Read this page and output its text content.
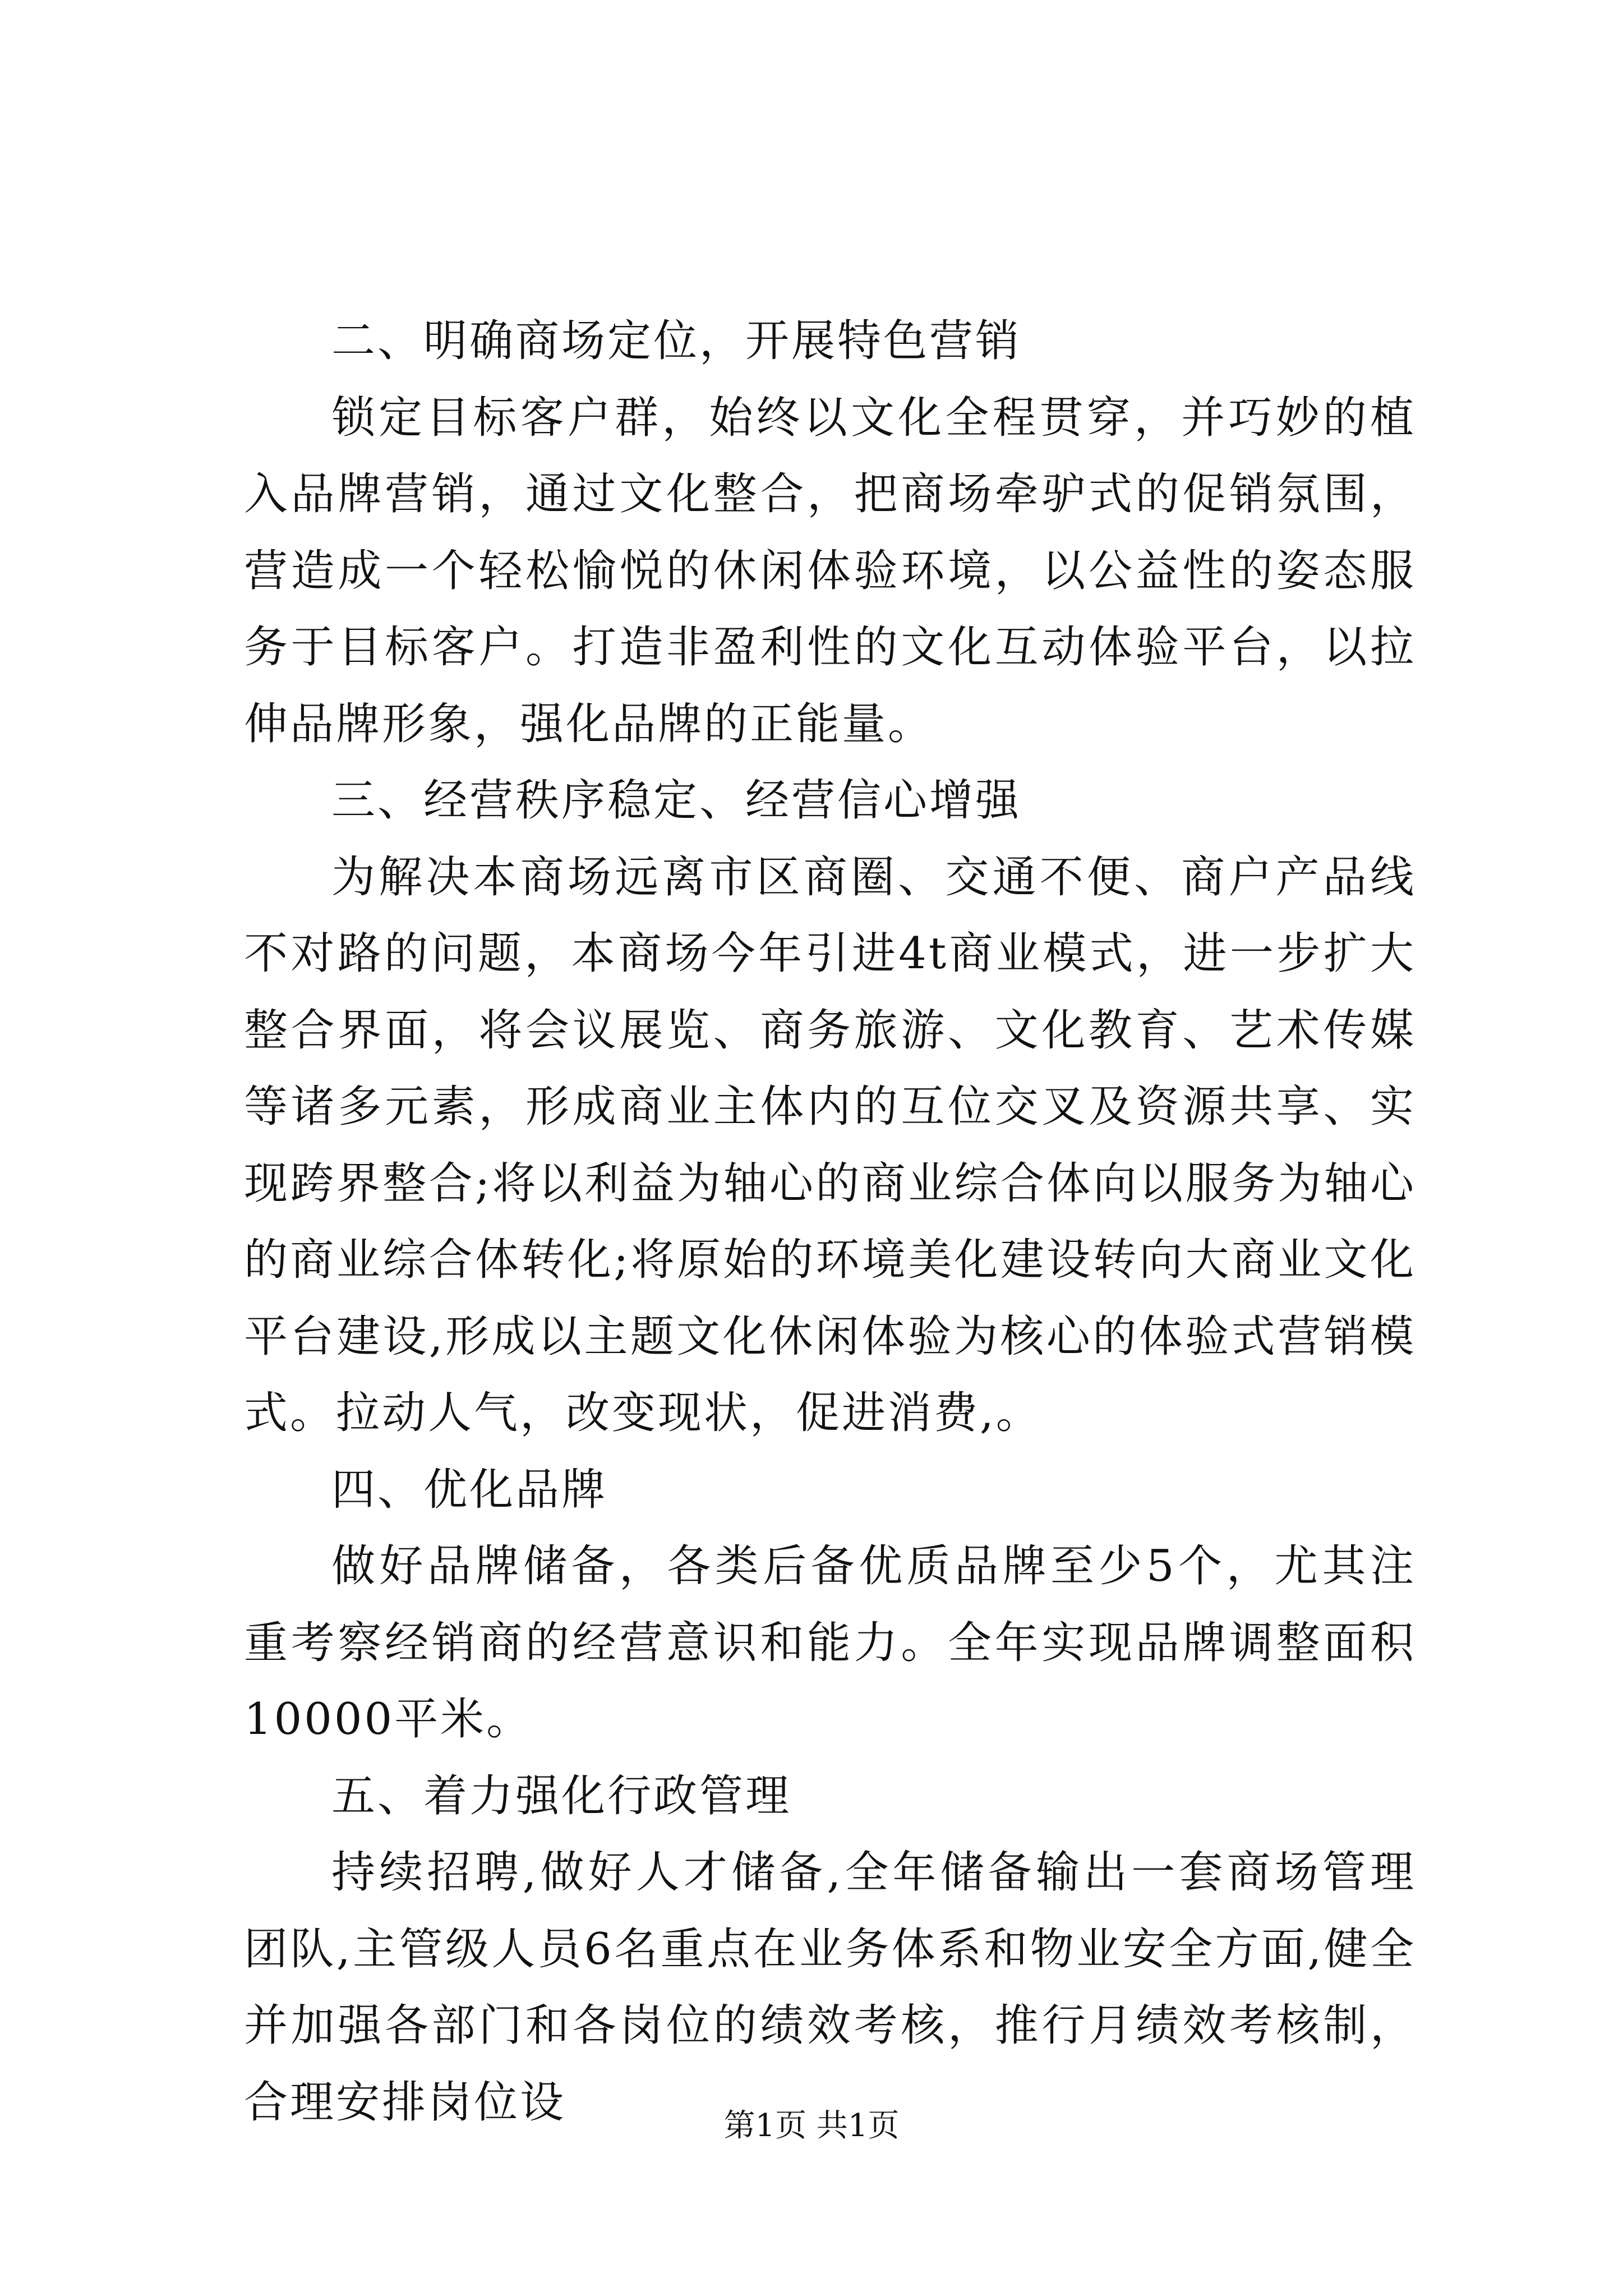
二、明确商场定位，开展特色营销

锁定目标客户群，始终以文化全程贯穿，并巧妙的植入品牌营销，通过文化整合，把商场牵驴式的促销氛围，营造成一个轻松愉悦的休闲体验环境，以公益性的姿态服务于目标客户。打造非盈利性的文化互动体验平台，以拉伸品牌形象，强化品牌的正能量。

三、经营秩序稳定、经营信心增强

为解决本商场远离市区商圈、交通不便、商户产品线不对路的问题，本商场今年引进4t商业模式，进一步扩大整合界面，将会议展览、商务旅游、文化教育、艺术传媒等诸多元素，形成商业主体内的互位交叉及资源共享、实现跨界整合;将以利益为轴心的商业综合体向以服务为轴心的商业综合体转化;将原始的环境美化建设转向大商业文化平台建设,形成以主题文化休闲体验为核心的体验式营销模式。拉动人气，改变现状，促进消费,。

四、优化品牌

做好品牌储备，各类后备优质品牌至少5个，尤其注重考察经销商的经营意识和能力。全年实现品牌调整面积10000平米。

五、着力强化行政管理

持续招聘,做好人才储备,全年储备输出一套商场管理团队,主管级人员6名重点在业务体系和物业安全方面,健全并加强各部门和各岗位的绩效考核，推行月绩效考核制，合理安排岗位设	第1页 共1页
